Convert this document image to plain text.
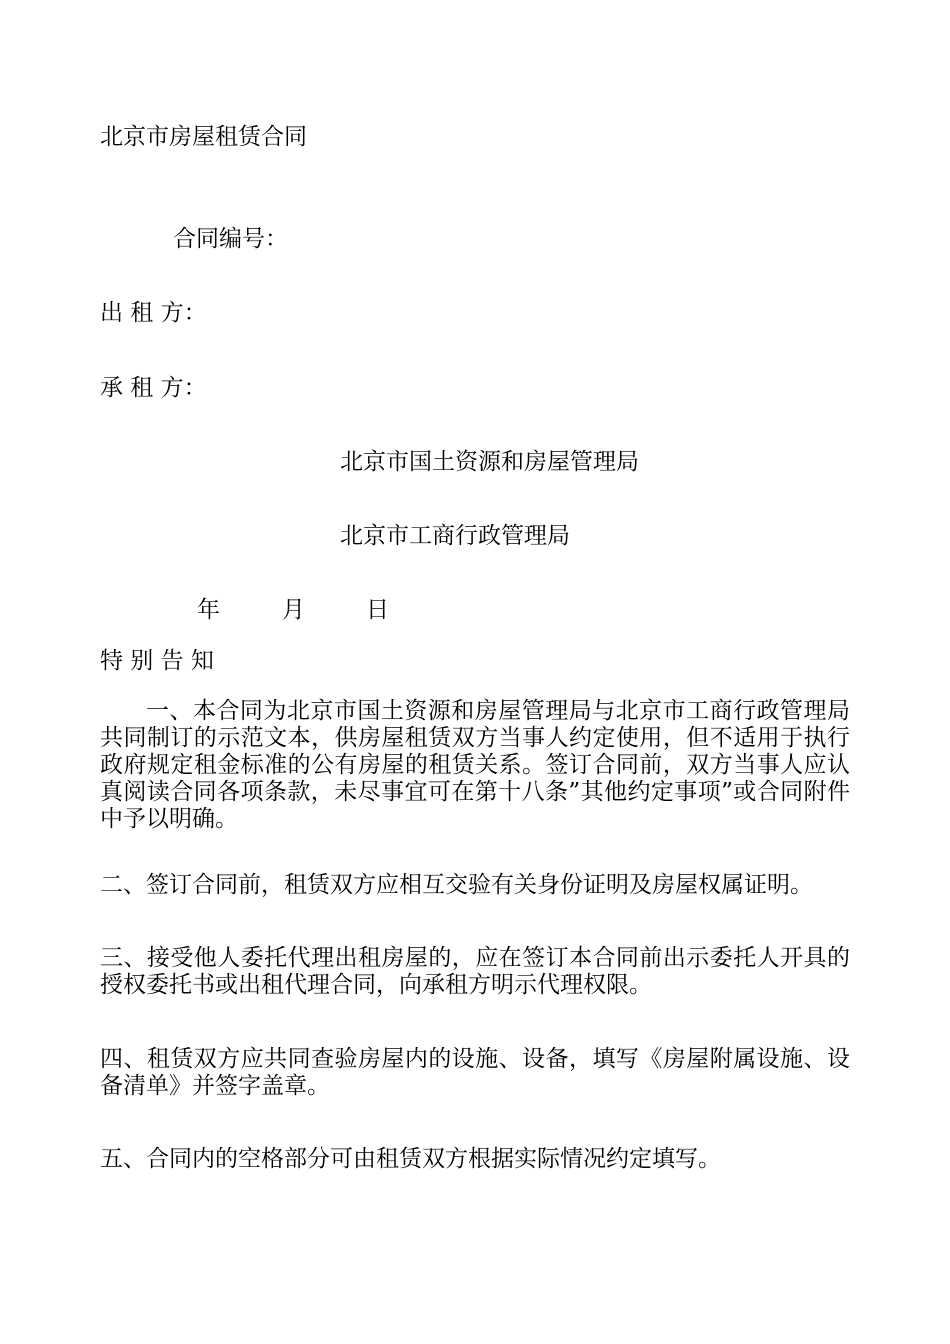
北京市房屋租赁合同
合同编号：
出 租 方：
承 租 方：
北京市国土资源和房屋管理局
北京市工商行政管理局
年	月	日
特 别 告 知
一、本合同为北京市国土资源和房屋管理局与北京市工商行政管理局共同制订的示范文本，供房屋租赁双方当事人约定使用，但不适用于执行政府规定租金标准的公有房屋的租赁关系。签订合同前，双方当事人应认真阅读合同各项条款，未尽事宜可在第十八条”其他约定事项”或合同附件中予以明确。
二、签订合同前，租赁双方应相互交验有关身份证明及房屋权属证明。
三、接受他人委托代理出租房屋的，应在签订本合同前出示委托人开具的授权委托书或出租代理合同，向承租方明示代理权限。
四、租赁双方应共同查验房屋内的设施、设备，填写《房屋附属设施、设备清单》并签字盖章。
五、合同内的空格部分可由租赁双方根据实际情况约定填写。
